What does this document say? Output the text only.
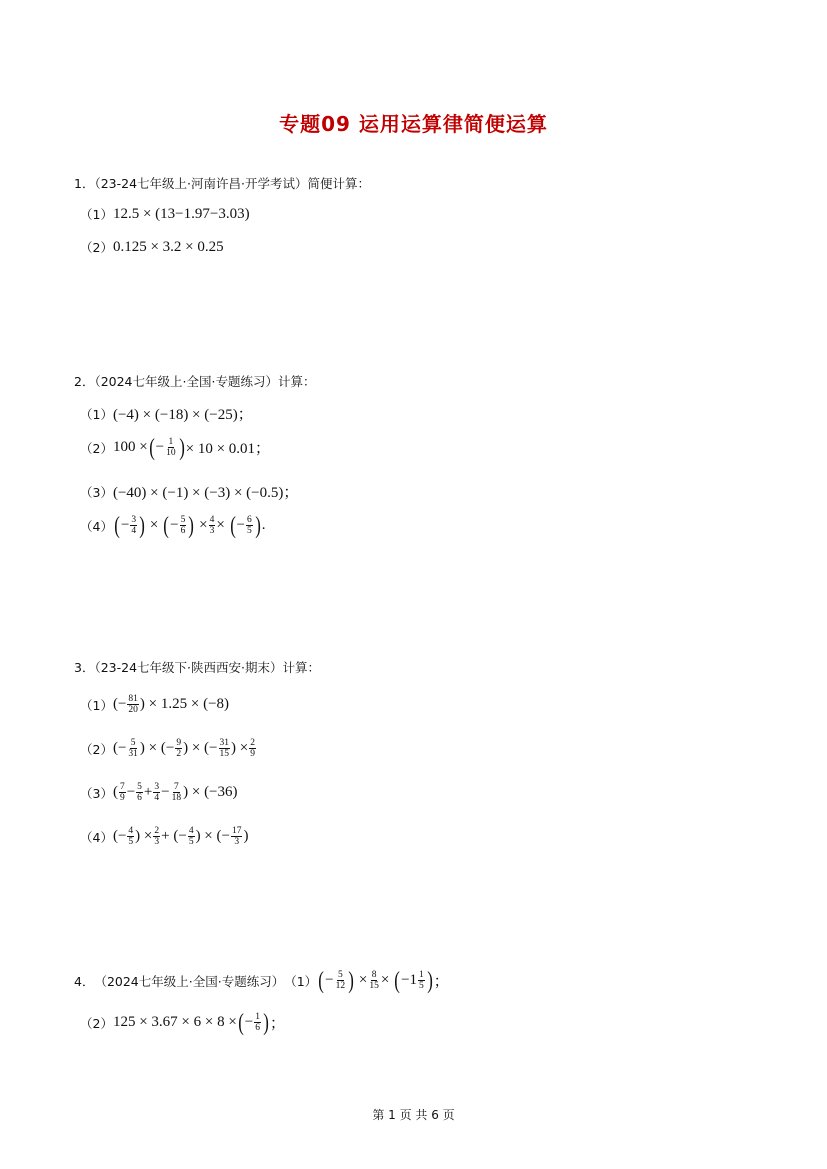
专题09 运用运算律简便运算
1．（23-24七年级上·河南许昌·开学考试）简便计算：
（1） 12.5 × (13−1.97−3.03)
（2） 0.125 × 3.2 × 0.25
2．（2024七年级上·全国·专题练习）计算：
（1） (−4) × (−18) × (−25)；
（2） 100 × ( − $\frac{1}{10}$ ) × 10 × 0.01；
（3） (−40) × (−1) × (−3) × (−0.5)；
（4） ( − $\frac{3}{4}$ ) × ( − $\frac{5}{6}$ ) × $\frac{4}{3}$ × ( − $\frac{6}{5}$ ) .
3．（23-24七年级下·陕西西安·期末）计算：
（1） (− $\frac{81}{20}$ ) × 1.25 × (−8)
（2） (− $\frac{5}{31}$ ) × (− $\frac{9}{2}$ ) × (− $\frac{31}{15}$ ) × $\frac{2}{9}$
（3） ( $\frac{7}{9} - \frac{5}{6} + \frac{3}{4} - \frac{7}{18}$ ) × (−36)
（4） (− $\frac{4}{5}$ ) × $\frac{2}{3}$ + (− $\frac{4}{5}$ ) × (− $\frac{17}{3}$ )
4． （2024七年级上·全国·专题练习） （1） ( − $\frac{5}{12}$ ) × $\frac{8}{15}$ × ( − $1 \frac{1}{5}$ ) ；
（2） 125 × 3.67 × 6 × 8 × ( − $\frac{1}{6}$ ) ；
第 1 页 共 6 页
